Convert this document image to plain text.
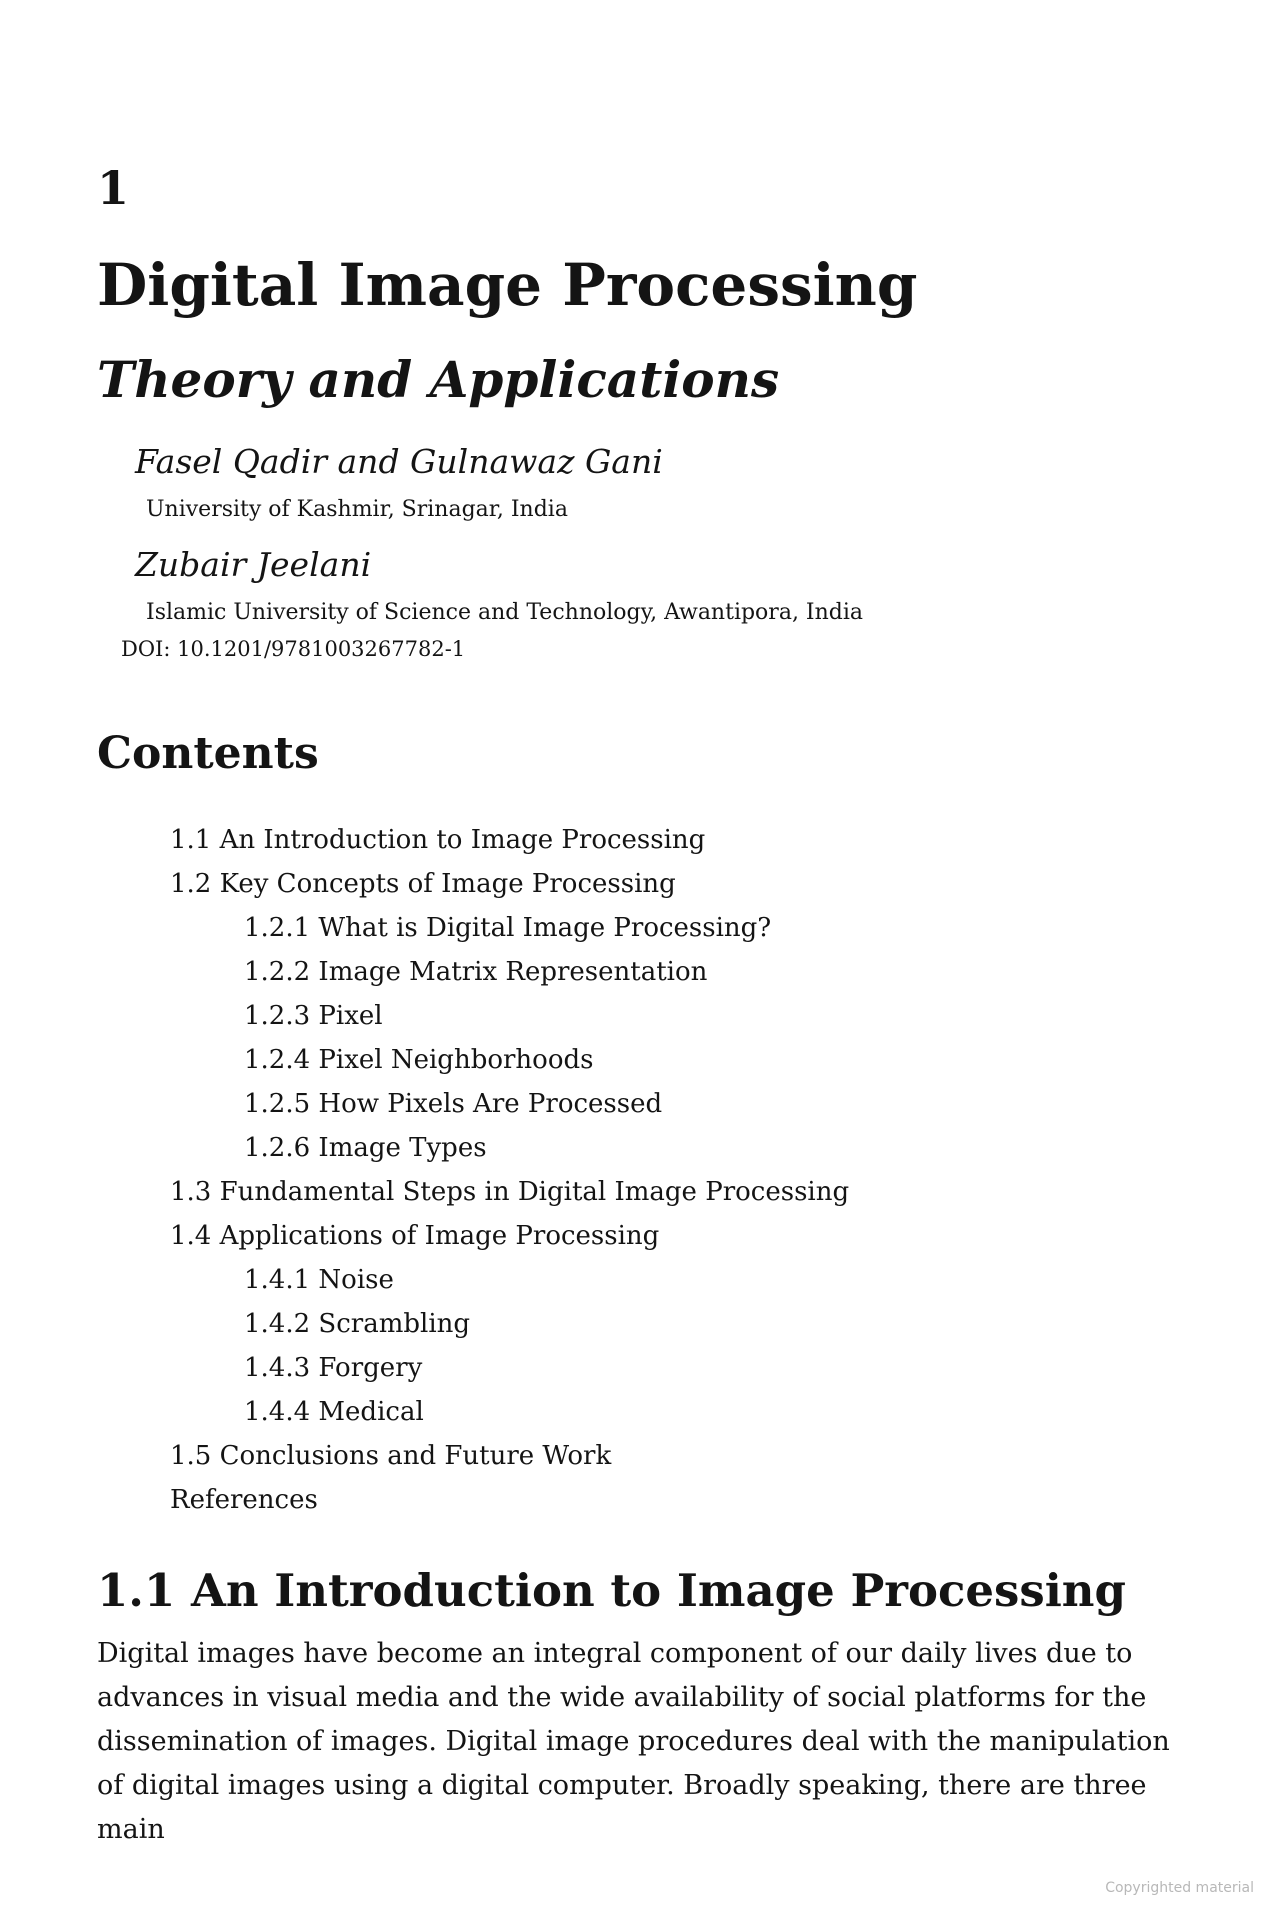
1
Digital Image Processing
Theory and Applications
Fasel Qadir and Gulnawaz Gani
University of Kashmir, Srinagar, India
Zubair Jeelani
Islamic University of Science and Technology, Awantipora, India
DOI: 10.1201/9781003267782-1
Contents
1.1 An Introduction to Image Processing
1.2 Key Concepts of Image Processing
1.2.1 What is Digital Image Processing?
1.2.2 Image Matrix Representation
1.2.3 Pixel
1.2.4 Pixel Neighborhoods
1.2.5 How Pixels Are Processed
1.2.6 Image Types
1.3 Fundamental Steps in Digital Image Processing
1.4 Applications of Image Processing
1.4.1 Noise
1.4.2 Scrambling
1.4.3 Forgery
1.4.4 Medical
1.5 Conclusions and Future Work
References
1.1 An Introduction to Image Processing

Digital images have become an integral component of our daily lives due to advances in visual media and the wide availability of social platforms for the dissemination of images. Digital image procedures deal with the manipulation of digital images using a digital computer. Broadly speaking, there are three main

Copyrighted material
